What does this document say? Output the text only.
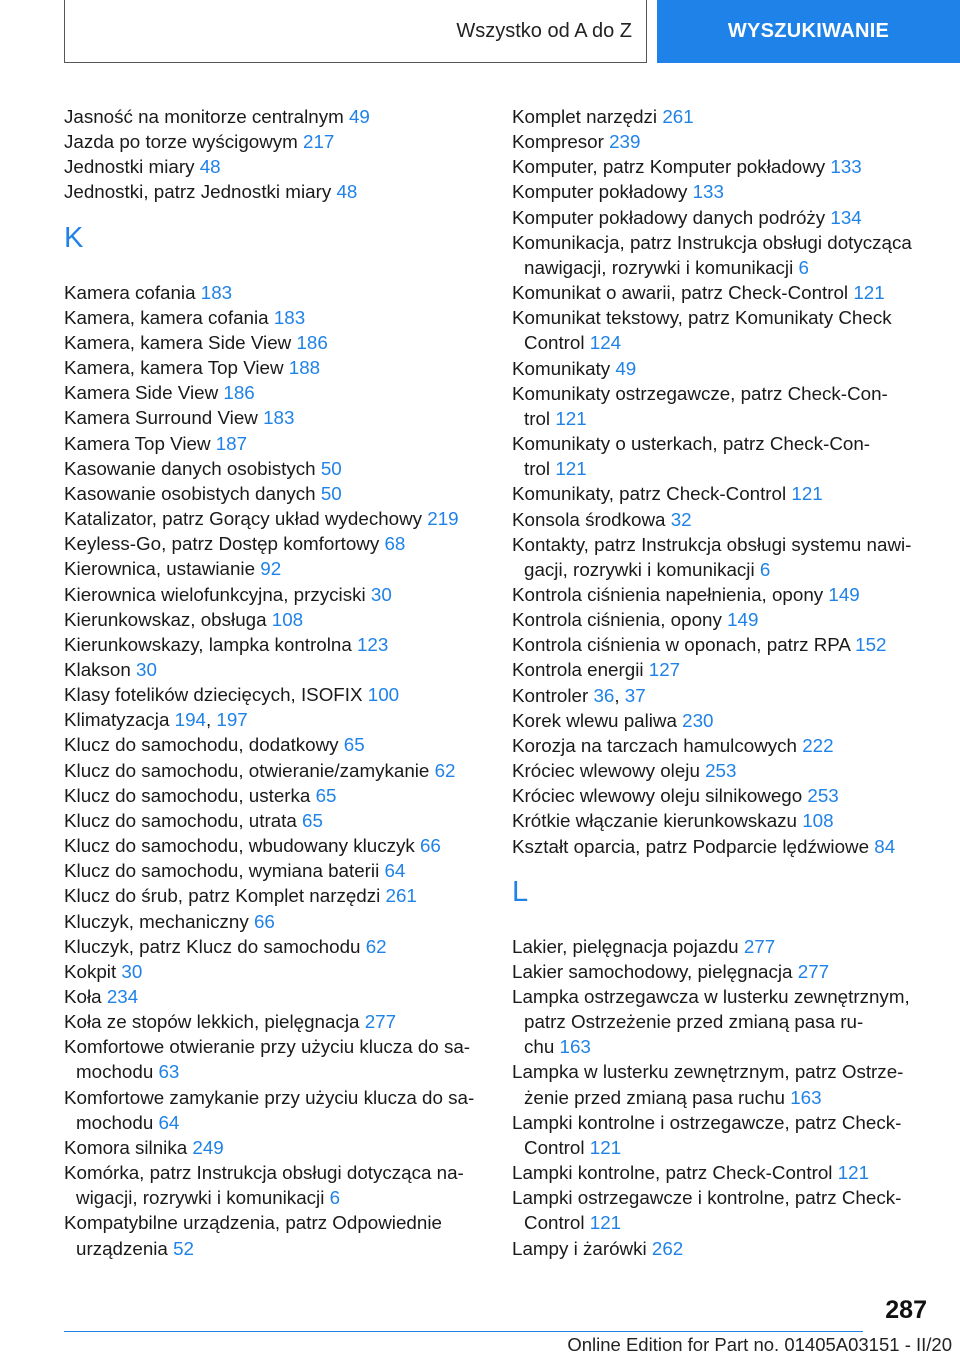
Wszystko od A do Z	WYSZUKIWANIE
Jasność na monitorze centralnym 49
Jazda po torze wyścigowym 217
Jednostki miary 48
Jednostki, patrz Jednostki miary 48
K
Kamera cofania 183
Kamera, kamera cofania 183
Kamera, kamera Side View 186
Kamera, kamera Top View 188
Kamera Side View 186
Kamera Surround View 183
Kamera Top View 187
Kasowanie danych osobistych 50
Kasowanie osobistych danych 50
Katalizator, patrz Gorący układ wydechowy 219
Keyless-Go, patrz Dostęp komfortowy 68
Kierownica, ustawianie 92
Kierownica wielofunkcyjna, przyciski 30
Kierunkowskaz, obsługa 108
Kierunkowskazy, lampka kontrolna 123
Klakson 30
Klasy fotelików dziecięcych, ISOFIX 100
Klimatyzacja 194, 197
Klucz do samochodu, dodatkowy 65
Klucz do samochodu, otwieranie/zamykanie 62
Klucz do samochodu, usterka 65
Klucz do samochodu, utrata 65
Klucz do samochodu, wbudowany kluczyk 66
Klucz do samochodu, wymiana baterii 64
Klucz do śrub, patrz Komplet narzędzi 261
Kluczyk, mechaniczny 66
Kluczyk, patrz Klucz do samochodu 62
Kokpit 30
Koła 234
Koła ze stopów lekkich, pielęgnacja 277
Komfortowe otwieranie przy użyciu klucza do sa-
mochodu 63
Komfortowe zamykanie przy użyciu klucza do sa-
mochodu 64
Komora silnika 249
Komórka, patrz Instrukcja obsługi dotycząca na-
wigacji, rozrywki i komunikacji 6
Kompatybilne urządzenia, patrz Odpowiednie
urządzenia 52
Komplet narzędzi 261
Kompresor 239
Komputer, patrz Komputer pokładowy 133
Komputer pokładowy 133
Komputer pokładowy danych podróży 134
Komunikacja, patrz Instrukcja obsługi dotycząca
nawigacji, rozrywki i komunikacji 6
Komunikat o awarii, patrz Check-Control 121
Komunikat tekstowy, patrz Komunikaty Check
Control 124
Komunikaty 49
Komunikaty ostrzegawcze, patrz Check-Con-
trol 121
Komunikaty o usterkach, patrz Check-Con-
trol 121
Komunikaty, patrz Check-Control 121
Konsola środkowa 32
Kontakty, patrz Instrukcja obsługi systemu nawi-
gacji, rozrywki i komunikacji 6
Kontrola ciśnienia napełnienia, opony 149
Kontrola ciśnienia, opony 149
Kontrola ciśnienia w oponach, patrz RPA 152
Kontrola energii 127
Kontroler 36, 37
Korek wlewu paliwa 230
Korozja na tarczach hamulcowych 222
Króciec wlewowy oleju 253
Króciec wlewowy oleju silnikowego 253
Krótkie włączanie kierunkowskazu 108
Kształt oparcia, patrz Podparcie lędźwiowe 84
L
Lakier, pielęgnacja pojazdu 277
Lakier samochodowy, pielęgnacja 277
Lampka ostrzegawcza w lusterku zewnętrznym,
patrz Ostrzeżenie przed zmianą pasa ru-
chu 163
Lampka w lusterku zewnętrznym, patrz Ostrze-
żenie przed zmianą pasa ruchu 163
Lampki kontrolne i ostrzegawcze, patrz Check-
Control 121
Lampki kontrolne, patrz Check-Control 121
Lampki ostrzegawcze i kontrolne, patrz Check-
Control 121
Lampy i żarówki 262
287
Online Edition for Part no. 01405A03151 - II/20
